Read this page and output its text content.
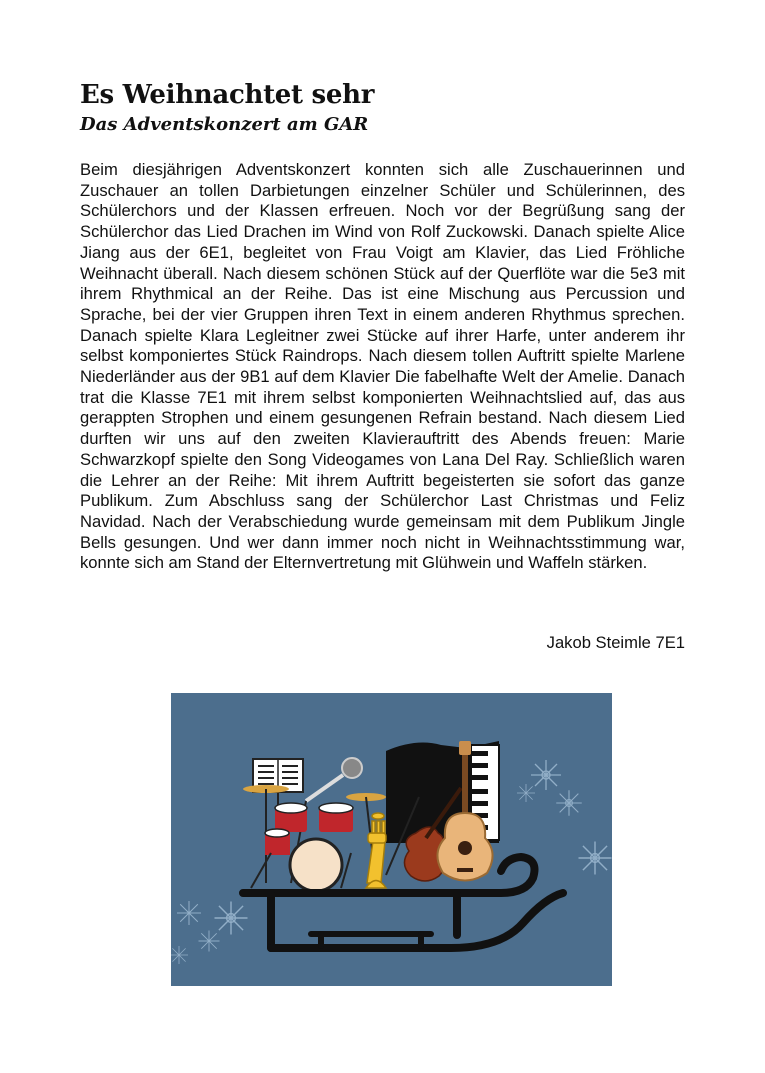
Es Weihnachtet sehr
Das Adventskonzert am GAR

Beim diesjährigen Adventskonzert konnten sich alle Zuschauerinnen und Zuschauer an tollen Darbietungen einzelner Schüler und Schülerinnen, des Schülerchors und der Klassen erfreuen. Noch vor der Begrüßung sang der Schülerchor das Lied Drachen im Wind von Rolf Zuckowski. Danach spielte Alice Jiang aus der 6E1, begleitet von Frau Voigt am Klavier, das Lied Fröhliche Weihnacht überall. Nach diesem schönen Stück auf der Querflöte war die 5e3 mit ihrem Rhythmical an der Reihe. Das ist eine Mischung aus Percussion und Sprache, bei der vier Gruppen ihren Text in einem anderen Rhythmus sprechen. Danach spielte Klara Legleitner zwei Stücke auf ihrer Harfe, unter anderem ihr selbst komponiertes Stück Raindrops. Nach diesem tollen Auftritt spielte Marlene Niederländer aus der 9B1 auf dem Klavier Die fabelhafte Welt der Amelie. Danach trat die Klasse 7E1 mit ihrem selbst komponierten Weihnachtslied auf, das aus gerappten Strophen und einem gesungenen Refrain bestand. Nach diesem Lied durften wir uns auf den zweiten Klavierauftritt des Abends freuen: Marie Schwarzkopf spielte den Song Videogames von Lana Del Ray. Schließlich waren die Lehrer an der Reihe: Mit ihrem Auftritt begeisterten sie sofort das ganze Publikum. Zum Abschluss sang der Schülerchor Last Christmas und Feliz Navidad. Nach der Verabschiedung wurde gemeinsam mit dem Publikum Jingle Bells gesungen. Und wer dann immer noch nicht in Weihnachtsstimmung war, konnte sich am Stand der Elternvertretung mit Glühwein und Waffeln stärken.

Jakob Steimle 7E1
